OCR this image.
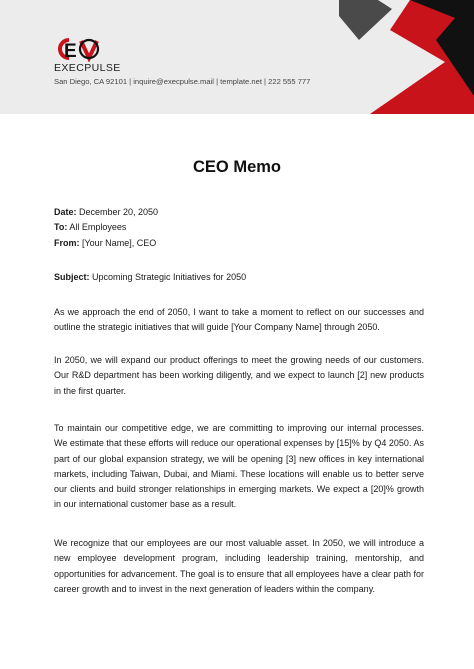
E
EXECPULSE
San Diego, CA 92101 | inquire@execpulse.mail | template.net | 222 555 777
CEO Memo
Date: December 20, 2050
To: All Employees
From: [Your Name], CEO
Subject: Upcoming Strategic Initiatives for 2050

As we approach the end of 2050, I want to take a moment to reflect on our successes and outline the strategic initiatives that will guide [Your Company Name] through 2050.

In 2050, we will expand our product offerings to meet the growing needs of our customers. Our R&D department has been working diligently, and we expect to launch [2] new products in the first quarter.

To maintain our competitive edge, we are committing to improving our internal processes. We estimate that these efforts will reduce our operational expenses by [15]% by Q4 2050. As part of our global expansion strategy, we will be opening [3] new offices in key international markets, including Taiwan, Dubai, and Miami. These locations will enable us to better serve our clients and build stronger relationships in emerging markets. We expect a [20]% growth in our international customer base as a result.

We recognize that our employees are our most valuable asset. In 2050, we will introduce a new employee development program, including leadership training, mentorship, and opportunities for advancement. The goal is to ensure that all employees have a clear path for career growth and to invest in the next generation of leaders within the company.
